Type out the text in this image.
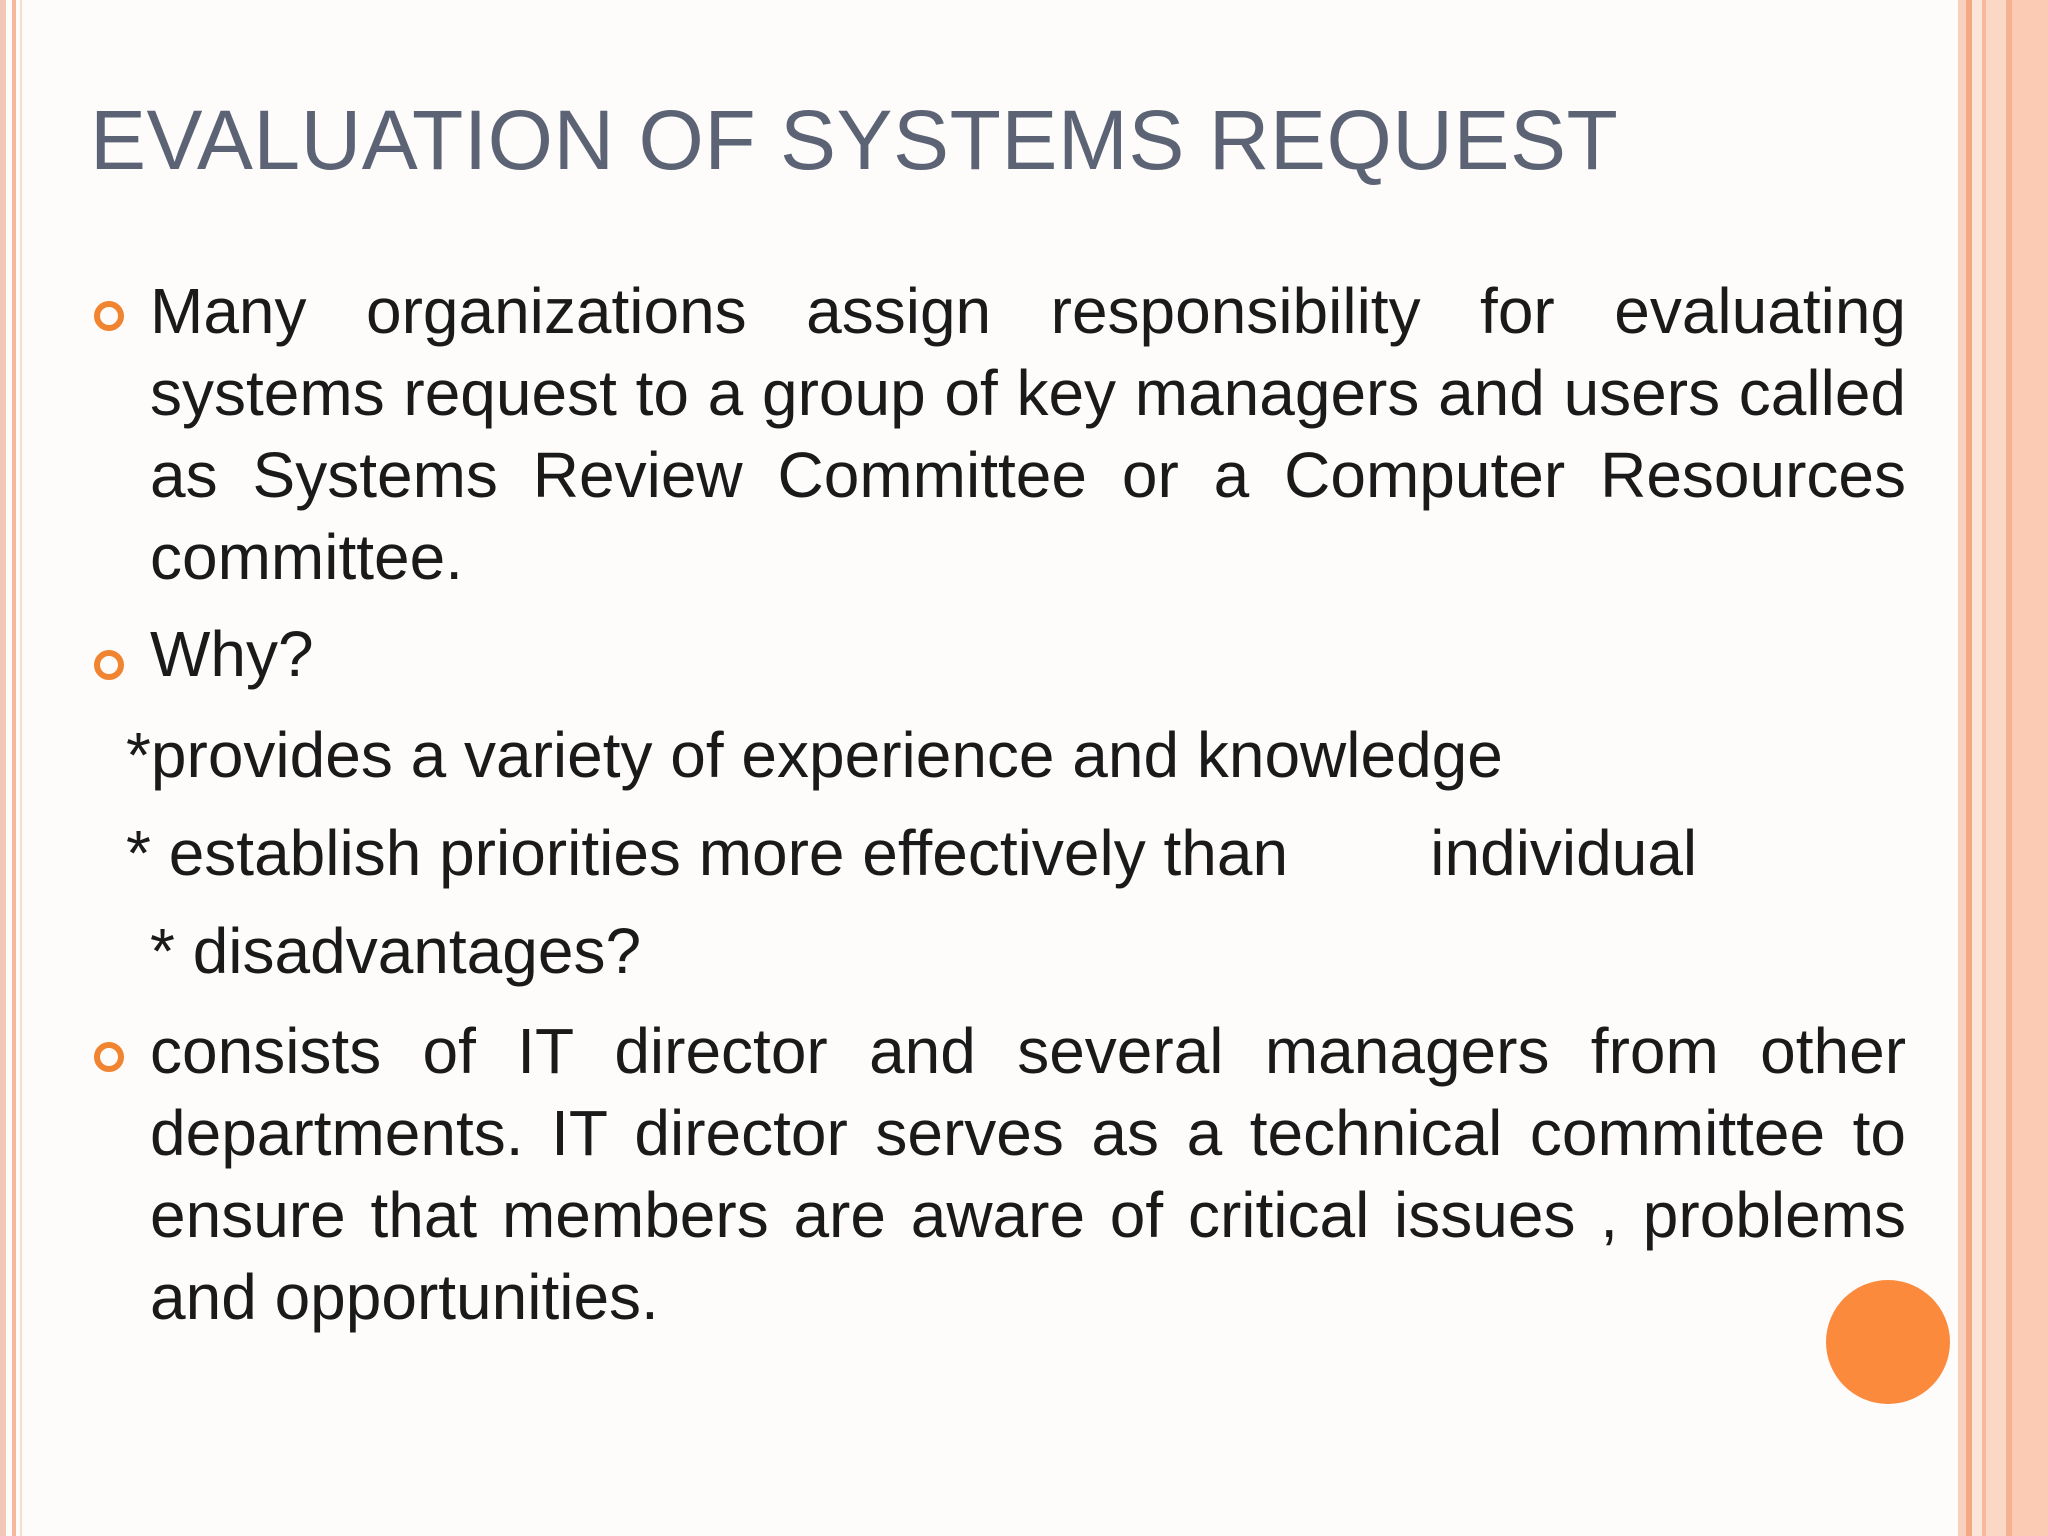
EVALUATION OF SYSTEMS REQUEST
Many organizations assign responsibility for evaluating systems request to a group of key managers and users called as Systems Review Committee or a Computer Resources committee.
Why?
*provides a variety of experience and knowledge
* establish priorities more effectively than        individual
* disadvantages?
consists of IT director and several managers from other departments. IT director serves as a technical committee to ensure that members are aware of critical issues , problems and opportunities.
